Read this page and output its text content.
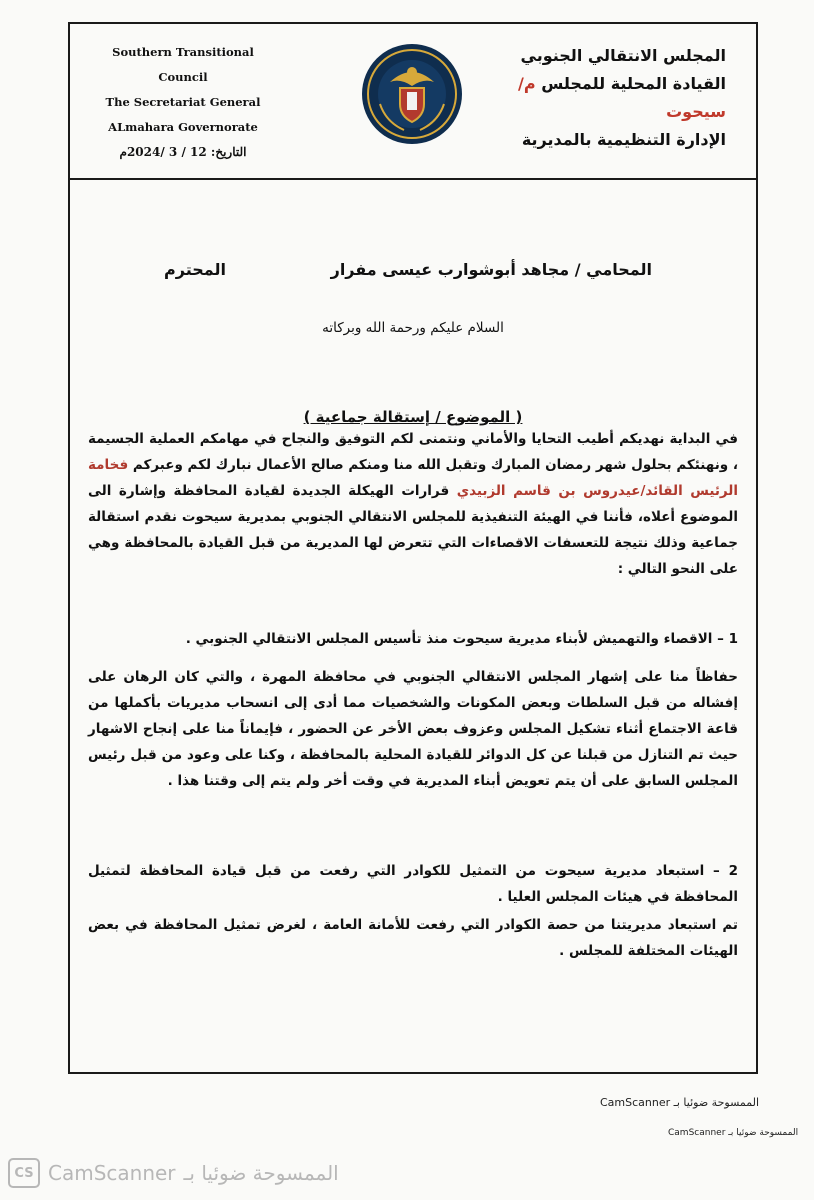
Southern Transitional Council
The Secretariat General
ALmahara Governorate
التاريخ: 12 / 3 /2024م
المجلس الانتقالي الجنوبي
القيادة المحلية للمجلس م/سيحوت
الإدارة التنظيمية بالمديرية
المحامي / مجاهد أبوشوارب عيسى مفرار
المحترم
السلام عليكم ورحمة الله وبركاته
( الموضوع / إستقالة جماعية )
في البداية نهديكم أطيب التحايا والأماني ونتمنى لكم التوفيق والنجاح في مهامكم العملية الجسيمة ، ونهنئكم بحلول شهر رمضان المبارك وتقبل الله منا ومنكم صالح الأعمال نبارك لكم وعبركم فخامة الرئيس القائد/عيدروس بن قاسم الزبيدي قرارات الهيكلة الجديدة لقيادة المحافظة وإشارة الى الموضوع أعلاه، فأننا في الهيئة التنفيذية للمجلس الانتقالي الجنوبي بمديرية سيحوت نقدم استقالة جماعية وذلك نتيجة للتعسفات الاقصاءات التي تتعرض لها المديرية من قبل القيادة بالمحافظة وهي على النحو التالي :
1 – الاقصاء والتهميش لأبناء مديرية سيحوت منذ تأسيس المجلس الانتقالي الجنوبي .
حفاظاً منا على إشهار المجلس الانتقالي الجنوبي في محافظة المهرة ، والتي كان الرهان على إفشاله من قبل السلطات وبعض المكونات والشخصيات مما أدى إلى انسحاب مديريات بأكملها من قاعة الاجتماع أثناء تشكيل المجلس وعزوف بعض الأخر عن الحضور ، فإيماناً منا على إنجاح الاشهار حيث تم التنازل من قبلنا عن كل الدوائر للقيادة المحلية بالمحافظة ، وكنا على وعود من قبل رئيس المجلس السابق على أن يتم تعويض أبناء المديرية في وقت أخر ولم يتم إلى وقتنا هذا .
2 – استبعاد مديرية سيحوت من التمثيل للكوادر التي رفعت من قبل قيادة المحافظة لتمثيل المحافظة في هيئات المجلس العليا .
تم استبعاد مديريتنا من حصة الكوادر التي رفعت للأمانة العامة ، لغرض تمثيل المحافظة في بعض الهيئات المختلفة للمجلس .
الممسوحة ضوئيا بـ CamScanner
الممسوحة ضوئيا بـ CamScanner
CS CamScanner الممسوحة ضوئيا بـ
